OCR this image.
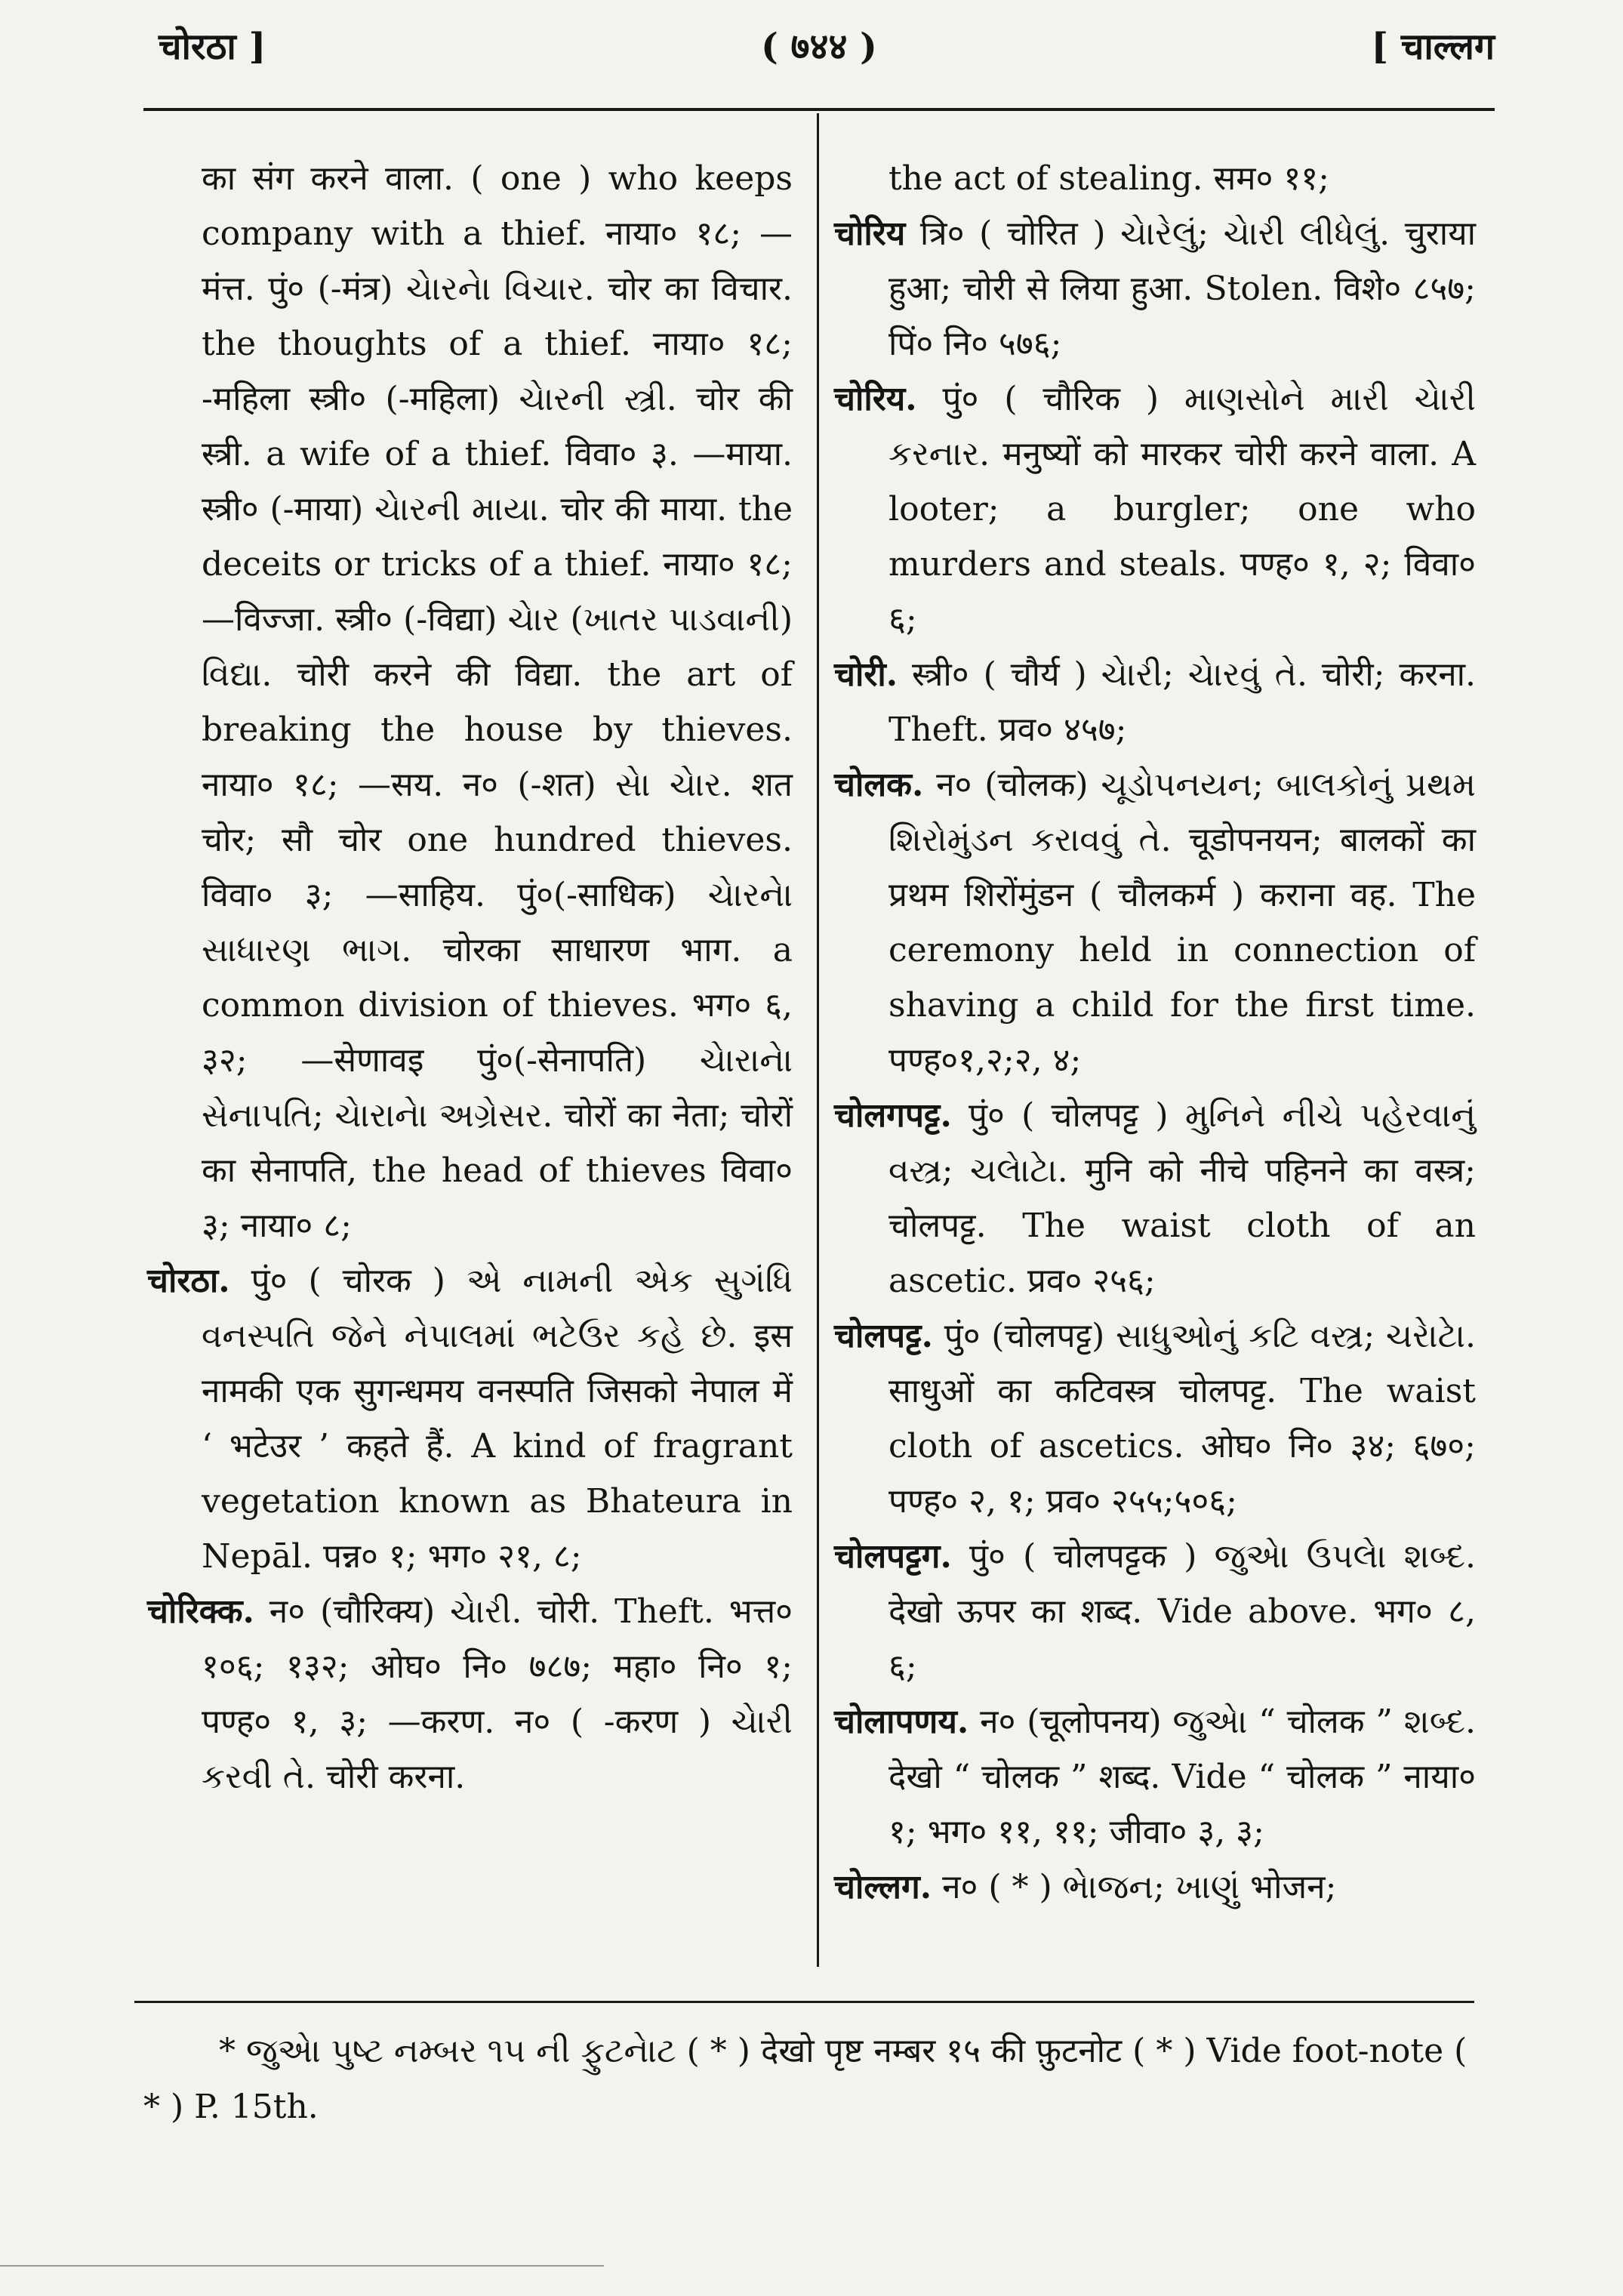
चोरठा ]	( ७४४ )	[ चाल्लग

का संग करने वाला. ( one ) who keeps company with a thief. नाया० १८; —मंत्त. पुं० (-मंत्र) ચેારનેા વિચાર. चोर का विचार. the thoughts of a thief. नाया० १८; -महिला स्त्री० (-महिला) ચેારની સ્ત્રી. चोर की स्त्री. a wife of a thief. विवा० ३. —माया. स्त्री० (-माया) ચેારની માયા. चोर की माया. the deceits or tricks of a thief. नाया० १८; —विज्जा. स्त्री० (-विद्या) ચેાર (ખાતર પાડવાની) વિદ્યા. चोरी करने की विद्या. the art of breaking the house by thieves. नाया० १८; —सय. न० (-शत) સેા ચેાર. शत चोर; सौ चोर one hundred thieves. विवा० ३; —साहिय. पुं०(-साधिक) ચેારનેા સાધારણ ભાગ. चोरका साधारण भाग. a common division of thieves. भग० ६, ३२; —सेणावइ पुं०(-सेनापति) ચેારાનેા સેનાપતિ; ચેારાનેા અગ્રેસર. चोरों का नेता; चोरों का सेनापति, the head of thieves विवा० ३; नाया० ८;

चोरठा. पुं० ( चोरक ) એ નામની એક સુગંધિ વનસ્પતિ જેને નેપાલમાં ભટેઉર કહે છે. इस नामकी एक सुगन्धमय वनस्पति जिसको नेपाल में ‘ भटेउर ’ कहते हैं. A kind of fragrant vegetation known as Bhateura in Nepāl. पन्न० १; भग० २१, ८;

चोरिक्क. न० (चौरिक्य) ચેારી. चोरी. Theft. भत्त० १०६; १३२; ओघ० नि० ७८७; महा० नि० १; पण्ह० १, ३; —करण. न० ( -करण ) ચેારી કરવી તે. चोरी करना.

the act of stealing. सम० ११;

चोरिय त्रि० ( चोरित ) ચેારેલું; ચેારી લીધેલું. चुराया हुआ; चोरी से लिया हुआ. Stolen. विशे० ८५७; पिं० नि० ५७६;

चोरिय. पुं० ( चौरिक ) માણસોને મારી ચેારી કરનાર. मनुष्यों को मारकर चोरी करने वाला. A looter; a burgler; one who murders and steals. पण्ह० १, २; विवा० ६;

चोरी. स्त्री० ( चौर्य ) ચેારી; ચેારવું તે. चोरी; करना. Theft. प्रव० ४५७;

चोलक. न० (चोलक) ચૂડોપનયન; બાલકોનું પ્રથમ શિરોમુંડન કરાવવું તે. चूडोपनयन; बालकों का प्रथम शिरोंमुंडन ( चौलकर्म ) कराना वह. The ceremony held in connection of shaving a child for the first time. पण्ह०१,२;२, ४;

चोलगपट्ट. पुं० ( चोलपट्ट ) મુનિને નીચે પહેરવાનું વસ્ત્ર; ચલેાટેા. मुनि को नीचे पहिनने का वस्त्र; चोलपट्ट. The waist cloth of an ascetic. प्रव० २५६;

चोलपट्ट. पुं० (चोलपट्ट) સાધુઓનું કટિ વસ્ત્ર; ચરેાટેા. साधुओं का कटिवस्त्र चोलपट्ट. The waist cloth of ascetics. ओघ० नि० ३४; ६७०; पण्ह० २, १; प्रव० २५५;५०६;

चोलपट्टग. पुं० ( चोलपट्टक ) જુએા ઉપલેા શબ્દ. देखो ऊपर का शब्द. Vide above. भग० ८, ६;

चोलापणय. न० (चूलोपनय) જુએા “ चोलक ” શબ્દ. देखो “ चोलक ” शब्द. Vide “ चोलक ” नाया० १; भग० ११, ११; जीवा० ३, ३;

चोल्लग. न० ( * ) ભેાજન; ખાણું भोजन;

* જુએા પુષ્ટ નમ્બર ૧૫ ની ફુટનેાટ ( * ) देखो पृष्ट नम्बर १५ की फ़ुटनोट ( * ) Vide foot-note ( * ) P. 15th.
